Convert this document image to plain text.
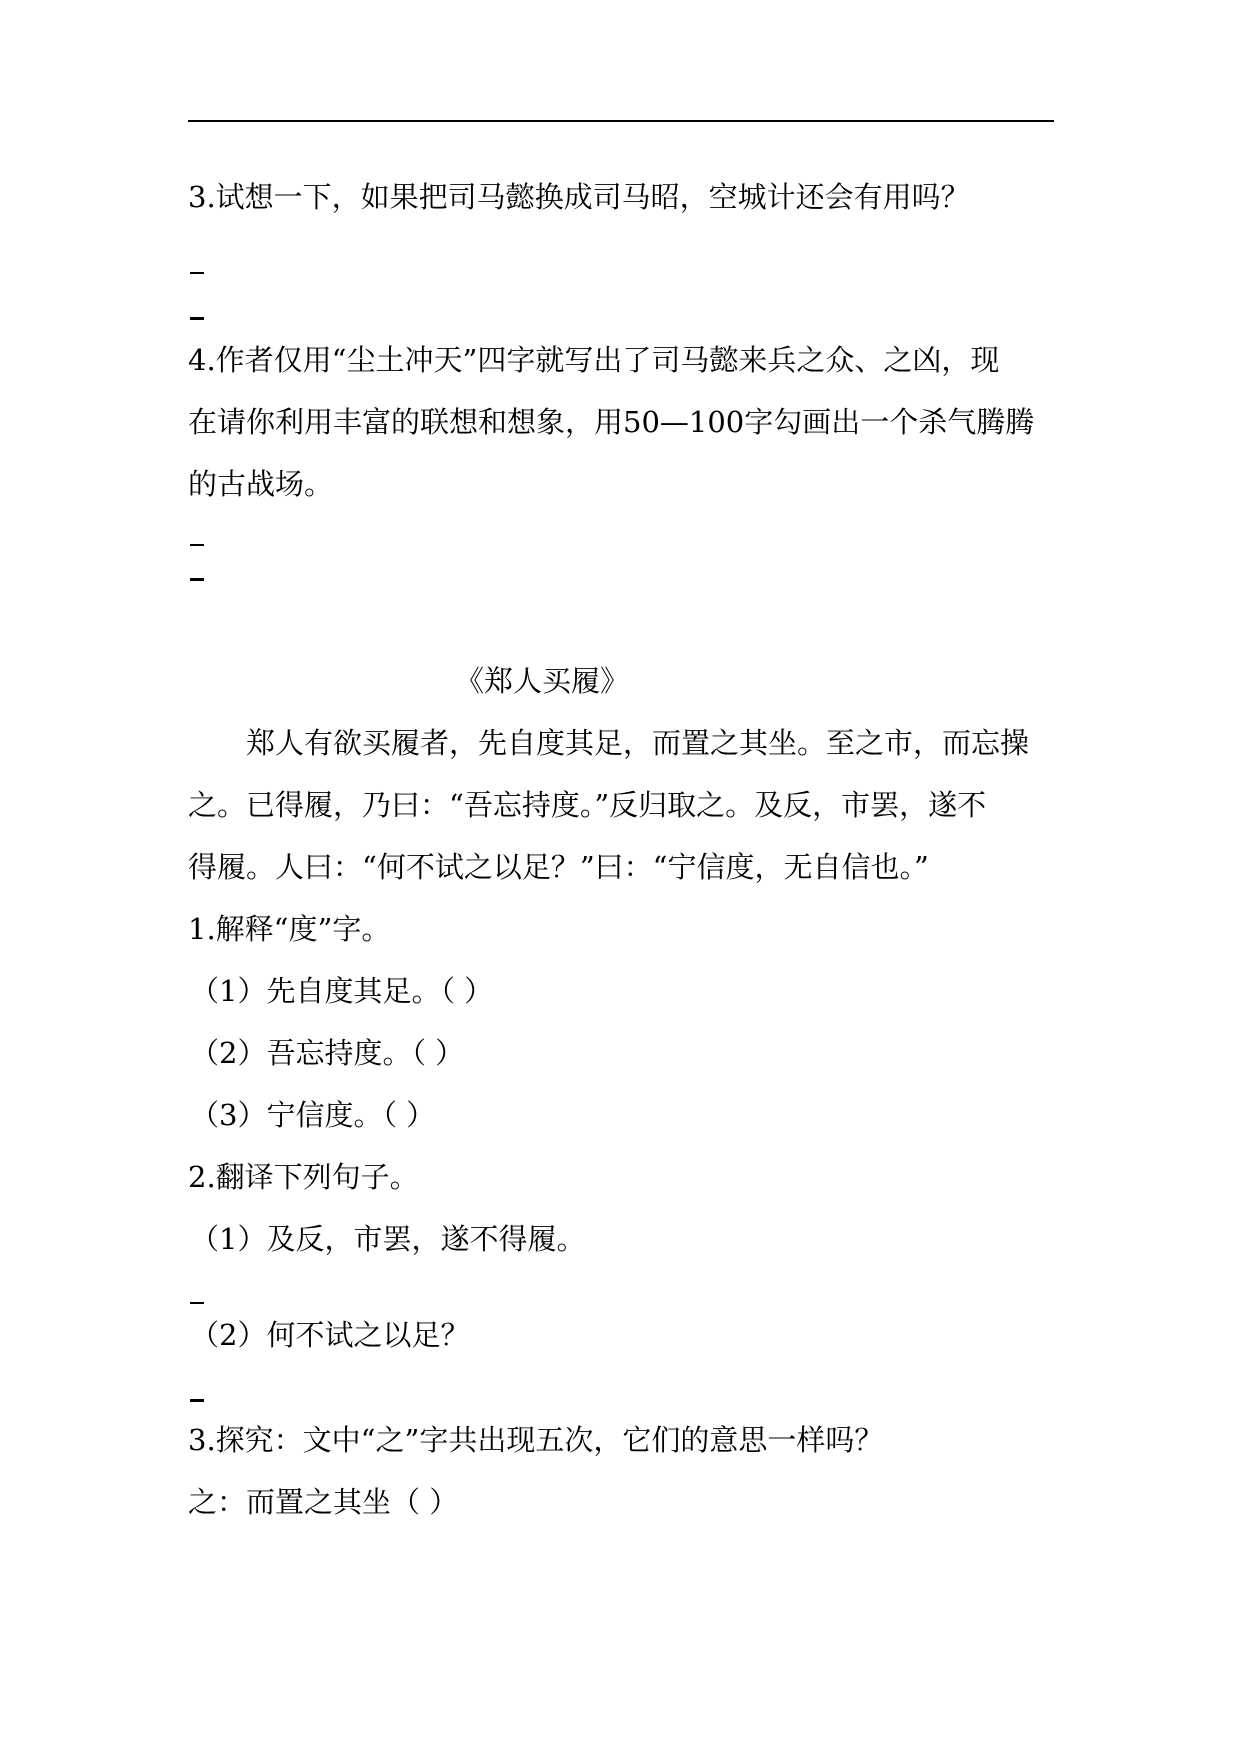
3.试想一下，如果把司马懿换成司马昭，空城计还会有用吗？
4.作者仅用“尘土冲天”四字就写出了司马懿来兵之众、之凶，现
在请你利用丰富的联想和想象，用50—100字勾画出一个杀气腾腾
的古战场。
《郑人买履》
郑人有欲买履者，先自度其足，而置之其坐。至之市，而忘操
之。已得履，乃曰：“吾忘持度。”反归取之。及反，市罢，遂不
得履。人曰：“何不试之以足？”曰：“宁信度，无自信也。”
1.解释“度”字。
（1）先自度其足。（ ）
（2）吾忘持度。（ ）
（3）宁信度。（ ）
2.翻译下列句子。
（1）及反，市罢，遂不得履。
（2）何不试之以足？
3.探究：文中“之”字共出现五次，它们的意思一样吗？
之：而置之其坐（ ）
